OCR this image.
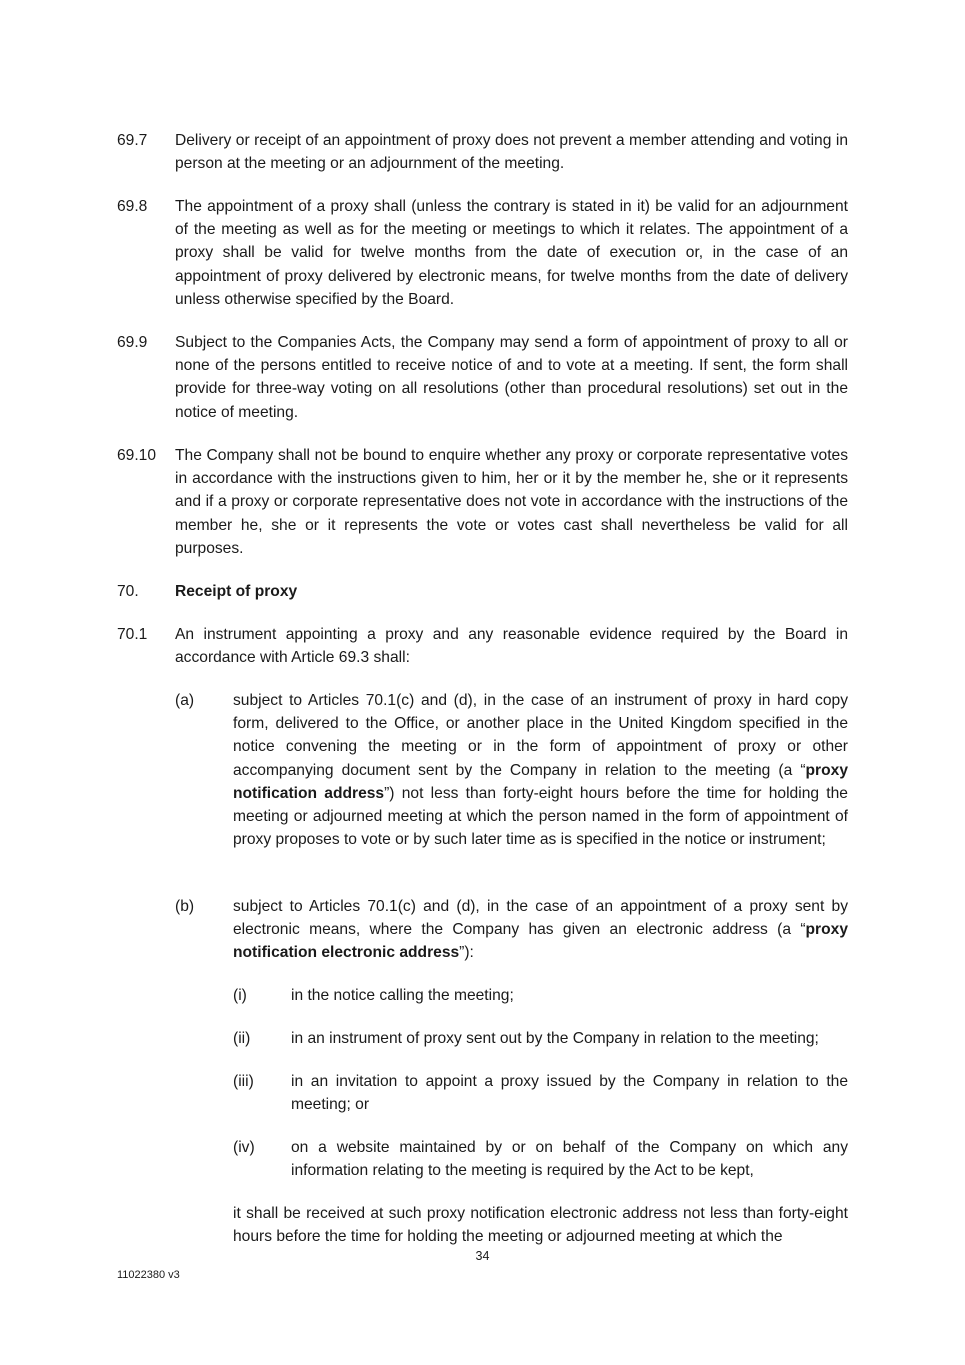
69.7 Delivery or receipt of an appointment of proxy does not prevent a member attending and voting in person at the meeting or an adjournment of the meeting.
69.8 The appointment of a proxy shall (unless the contrary is stated in it) be valid for an adjournment of the meeting as well as for the meeting or meetings to which it relates. The appointment of a proxy shall be valid for twelve months from the date of execution or, in the case of an appointment of proxy delivered by electronic means, for twelve months from the date of delivery unless otherwise specified by the Board.
69.9 Subject to the Companies Acts, the Company may send a form of appointment of proxy to all or none of the persons entitled to receive notice of and to vote at a meeting. If sent, the form shall provide for three-way voting on all resolutions (other than procedural resolutions) set out in the notice of meeting.
69.10 The Company shall not be bound to enquire whether any proxy or corporate representative votes in accordance with the instructions given to him, her or it by the member he, she or it represents and if a proxy or corporate representative does not vote in accordance with the instructions of the member he, she or it represents the vote or votes cast shall nevertheless be valid for all purposes.
70. Receipt of proxy
70.1 An instrument appointing a proxy and any reasonable evidence required by the Board in accordance with Article 69.3 shall:
(a) subject to Articles 70.1(c) and (d), in the case of an instrument of proxy in hard copy form, delivered to the Office, or another place in the United Kingdom specified in the notice convening the meeting or in the form of appointment of proxy or other accompanying document sent by the Company in relation to the meeting (a “proxy notification address”) not less than forty-eight hours before the time for holding the meeting or adjourned meeting at which the person named in the form of appointment of proxy proposes to vote or by such later time as is specified in the notice or instrument;
(b) subject to Articles 70.1(c) and (d), in the case of an appointment of a proxy sent by electronic means, where the Company has given an electronic address (a “proxy notification electronic address”):
(i)	in the notice calling the meeting;
(ii)	in an instrument of proxy sent out by the Company in relation to the meeting;
(iii) in an invitation to appoint a proxy issued by the Company in relation to the meeting; or
(iv) on a website maintained by or on behalf of the Company on which any information relating to the meeting is required by the Act to be kept,
it shall be received at such proxy notification electronic address not less than forty-eight hours before the time for holding the meeting or adjourned meeting at which the
34
11022380 v3
